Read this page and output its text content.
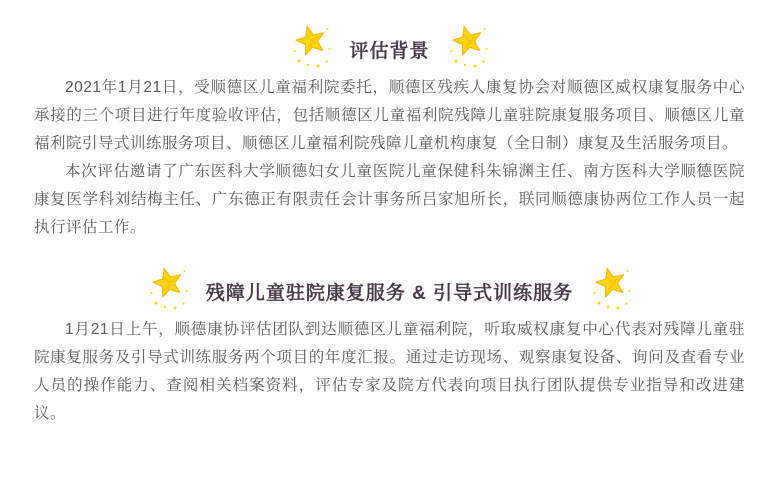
评估背景

2021年1月21日，受顺德区儿童福利院委托，顺德区残疾人康复协会对顺德区威权康复服务中心承接的三个项目进行年度验收评估，包括顺德区儿童福利院残障儿童驻院康复服务项目、顺德区儿童福利院引导式训练服务项目、顺德区儿童福利院残障儿童机构康复（全日制）康复及生活服务项目。

本次评估邀请了广东医科大学顺德妇女儿童医院儿童保健科朱锦渊主任、南方医科大学顺德医院康复医学科刘结梅主任、广东德正有限责任会计事务所吕家旭所长，联同顺德康协两位工作人员一起执行评估工作。

残障儿童驻院康复服务 & 引导式训练服务

1月21日上午，顺德康协评估团队到达顺德区儿童福利院，听取威权康复中心代表对残障儿童驻院康复服务及引导式训练服务两个项目的年度汇报。通过走访现场、观察康复设备、询问及查看专业人员的操作能力、查阅相关档案资料，评估专家及院方代表向项目执行团队提供专业指导和改进建议。
